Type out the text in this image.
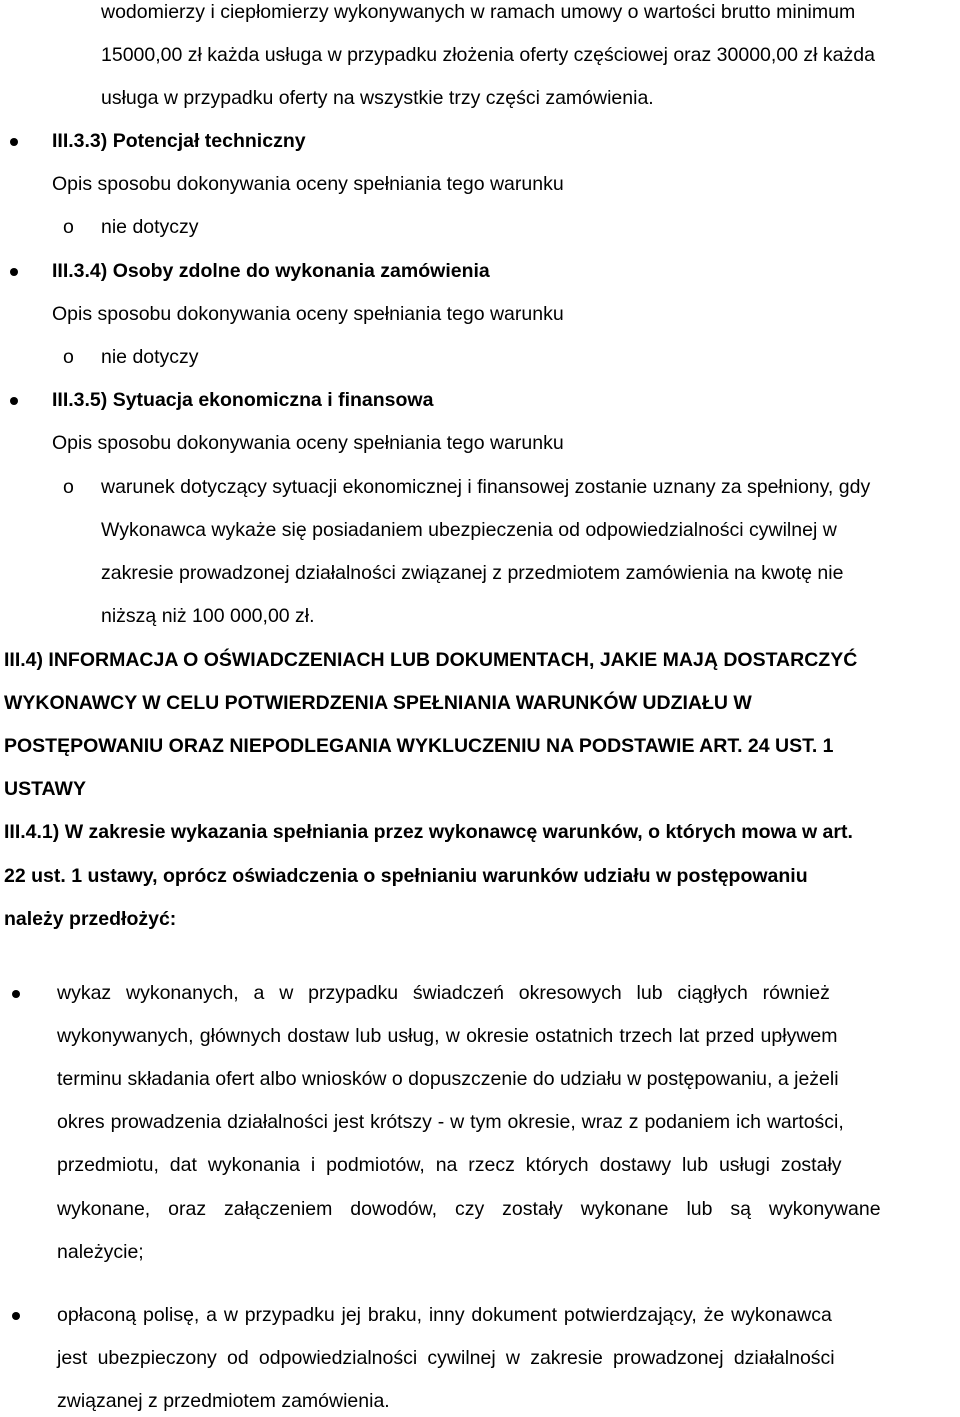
wodomierzy i ciepłomierzy wykonywanych w ramach umowy o wartości brutto minimum
15000,00 zł każda usługa w przypadku złożenia oferty częściowej oraz 30000,00 zł każda
usługa w przypadku oferty na wszystkie trzy części zamówienia.
III.3.3) Potencjał techniczny
Opis sposobu dokonywania oceny spełniania tego warunku
o nie dotyczy
III.3.4) Osoby zdolne do wykonania zamówienia
Opis sposobu dokonywania oceny spełniania tego warunku
o nie dotyczy
III.3.5) Sytuacja ekonomiczna i finansowa
Opis sposobu dokonywania oceny spełniania tego warunku
o warunek dotyczący sytuacji ekonomicznej i finansowej zostanie uznany za spełniony, gdy
Wykonawca wykaże się posiadaniem ubezpieczenia od odpowiedzialności cywilnej w
zakresie prowadzonej działalności związanej z przedmiotem zamówienia na kwotę nie
niższą niż 100 000,00 zł.
III.4) INFORMACJA O OŚWIADCZENIACH LUB DOKUMENTACH, JAKIE MAJĄ DOSTARCZYĆ
WYKONAWCY W CELU POTWIERDZENIA SPEŁNIANIA WARUNKÓW UDZIAŁU W
POSTĘPOWANIU ORAZ NIEPODLEGANIA WYKLUCZENIU NA PODSTAWIE ART. 24 UST. 1
USTAWY
III.4.1) W zakresie wykazania spełniania przez wykonawcę warunków, o których mowa w art.
22 ust. 1 ustawy, oprócz oświadczenia o spełnianiu warunków udziału w postępowaniu
należy przedłożyć:
wykaz wykonanych, a w przypadku świadczeń okresowych lub ciągłych również
wykonywanych, głównych dostaw lub usług, w okresie ostatnich trzech lat przed upływem
terminu składania ofert albo wniosków o dopuszczenie do udziału w postępowaniu, a jeżeli
okres prowadzenia działalności jest krótszy - w tym okresie, wraz z podaniem ich wartości,
przedmiotu, dat wykonania i podmiotów, na rzecz których dostawy lub usługi zostały
wykonane, oraz załączeniem dowodów, czy zostały wykonane lub są wykonywane
należycie;
opłaconą polisę, a w przypadku jej braku, inny dokument potwierdzający, że wykonawca
jest ubezpieczony od odpowiedzialności cywilnej w zakresie prowadzonej działalności
związanej z przedmiotem zamówienia.
